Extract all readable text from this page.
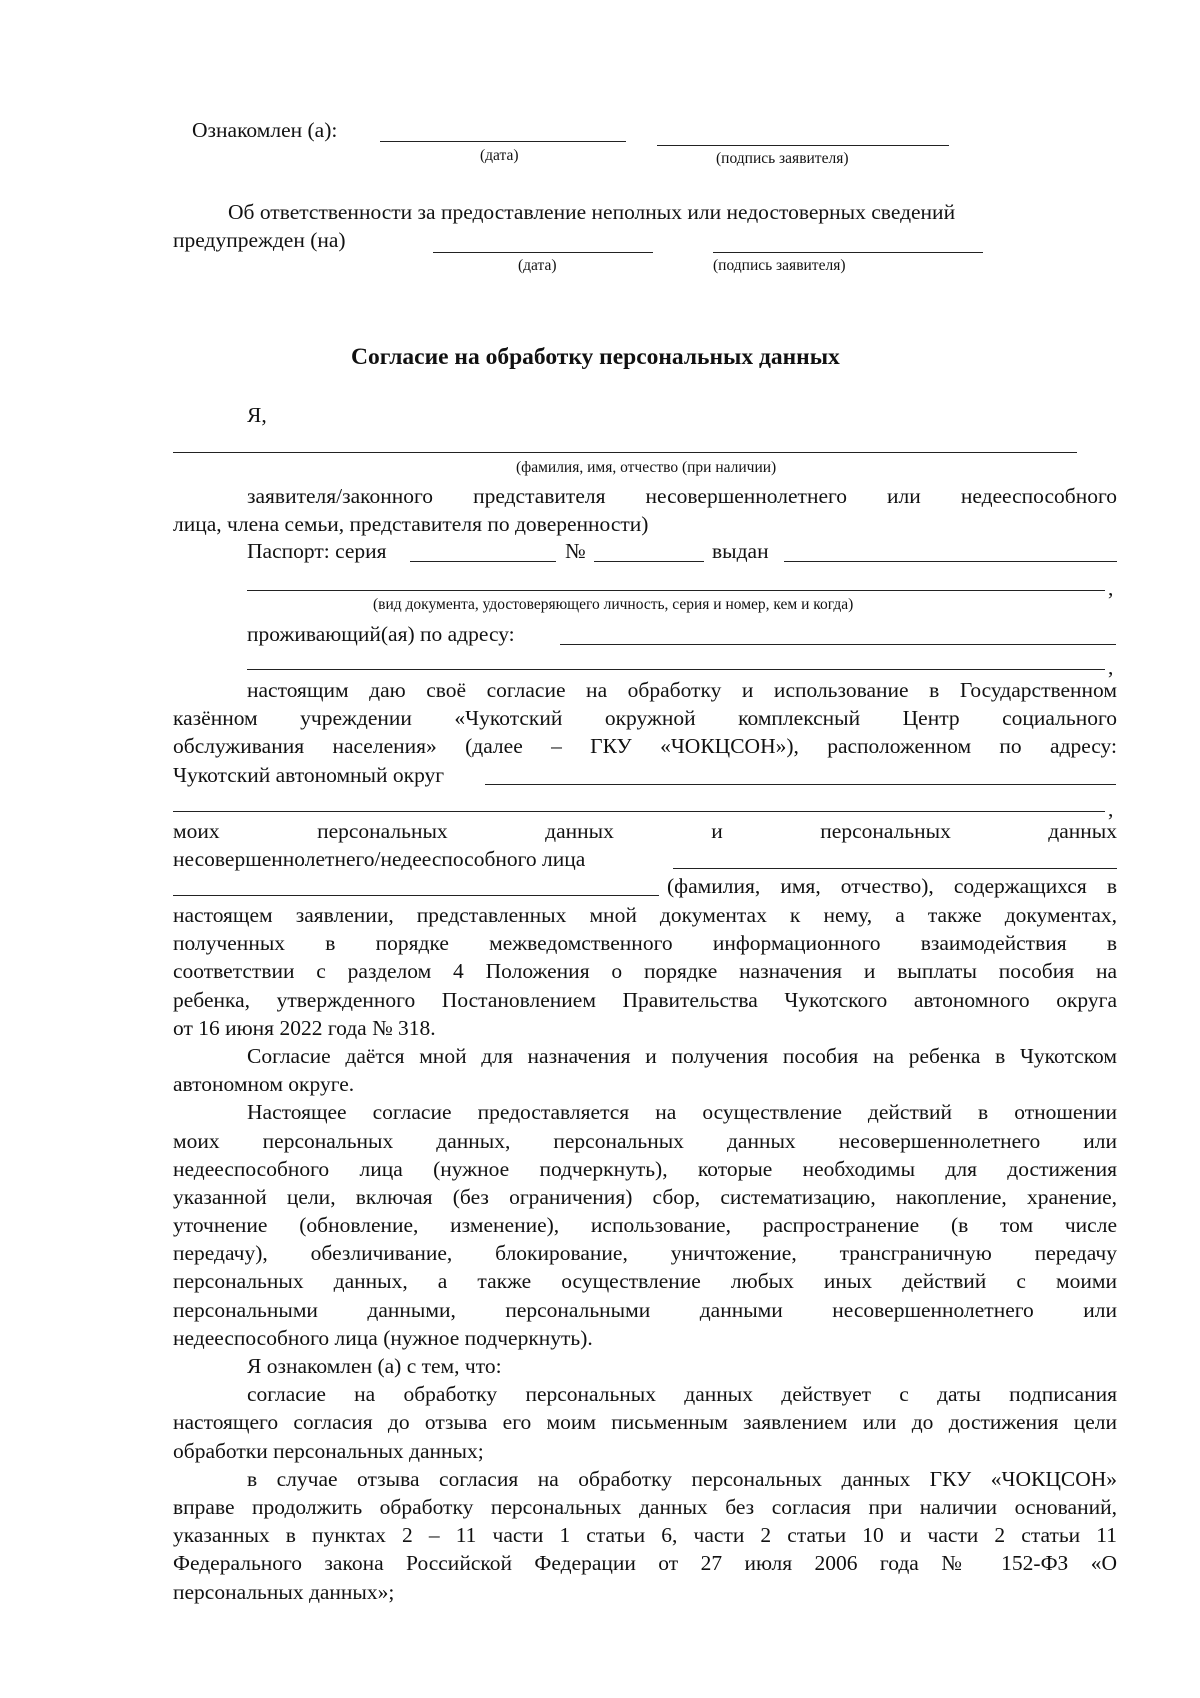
Ознакомлен (а):
(дата)	(подпись заявителя)
Об ответственности за предоставление неполных или недостоверных сведений
предупрежден (на)
(дата)	(подпись заявителя)
Согласие на обработку персональных данных
Я,
(фамилия, имя, отчество (при наличии)
заявителя/законного представителя несовершеннолетнего или недееспособного
лица, члена семьи, представителя по доверенности)
Паспорт: серия	№	выдан
,
(вид документа, удостоверяющего личность, серия и номер, кем и когда)
проживающий(ая) по адресу:
,
настоящим даю своё согласие на обработку и использование в Государственном
казённом учреждении «Чукотский окружной комплексный Центр социального
обслуживания населения» (далее – ГКУ «ЧОКЦСОН»), расположенном по адресу:
Чукотский автономный округ
,
моих персональных данных и персональных данных
несовершеннолетнего/недееспособного лица
(фамилия, имя, отчество), содержащихся в
настоящем заявлении, представленных мной документах к нему, а также документах,
полученных в порядке межведомственного информационного взаимодействия в
соответствии с разделом 4 Положения о порядке назначения и выплаты пособия на
ребенка, утвержденного Постановлением Правительства Чукотского автономного округа
от 16 июня 2022 года № 318.
Согласие даётся мной для назначения и получения пособия на ребенка в Чукотском
автономном округе.
Настоящее согласие предоставляется на осуществление действий в отношении
моих персональных данных, персональных данных несовершеннолетнего или
недееспособного лица (нужное подчеркнуть), которые необходимы для достижения
указанной цели, включая (без ограничения) сбор, систематизацию, накопление, хранение,
уточнение (обновление, изменение), использование, распространение (в том числе
передачу), обезличивание, блокирование, уничтожение, трансграничную передачу
персональных данных, а также осуществление любых иных действий с моими
персональными данными, персональными данными несовершеннолетнего или
недееспособного лица (нужное подчеркнуть).
Я ознакомлен (а) с тем, что:
согласие на обработку персональных данных действует с даты подписания
настоящего согласия до отзыва его моим письменным заявлением или до достижения цели
обработки персональных данных;
в случае отзыва согласия на обработку персональных данных ГКУ «ЧОКЦСОН»
вправе продолжить обработку персональных данных без согласия при наличии оснований,
указанных в пунктах 2 – 11 части 1 статьи 6, части 2 статьи 10 и части 2 статьи 11
Федерального закона Российской Федерации от 27 июля 2006 года № 152-ФЗ «О
персональных данных»;
